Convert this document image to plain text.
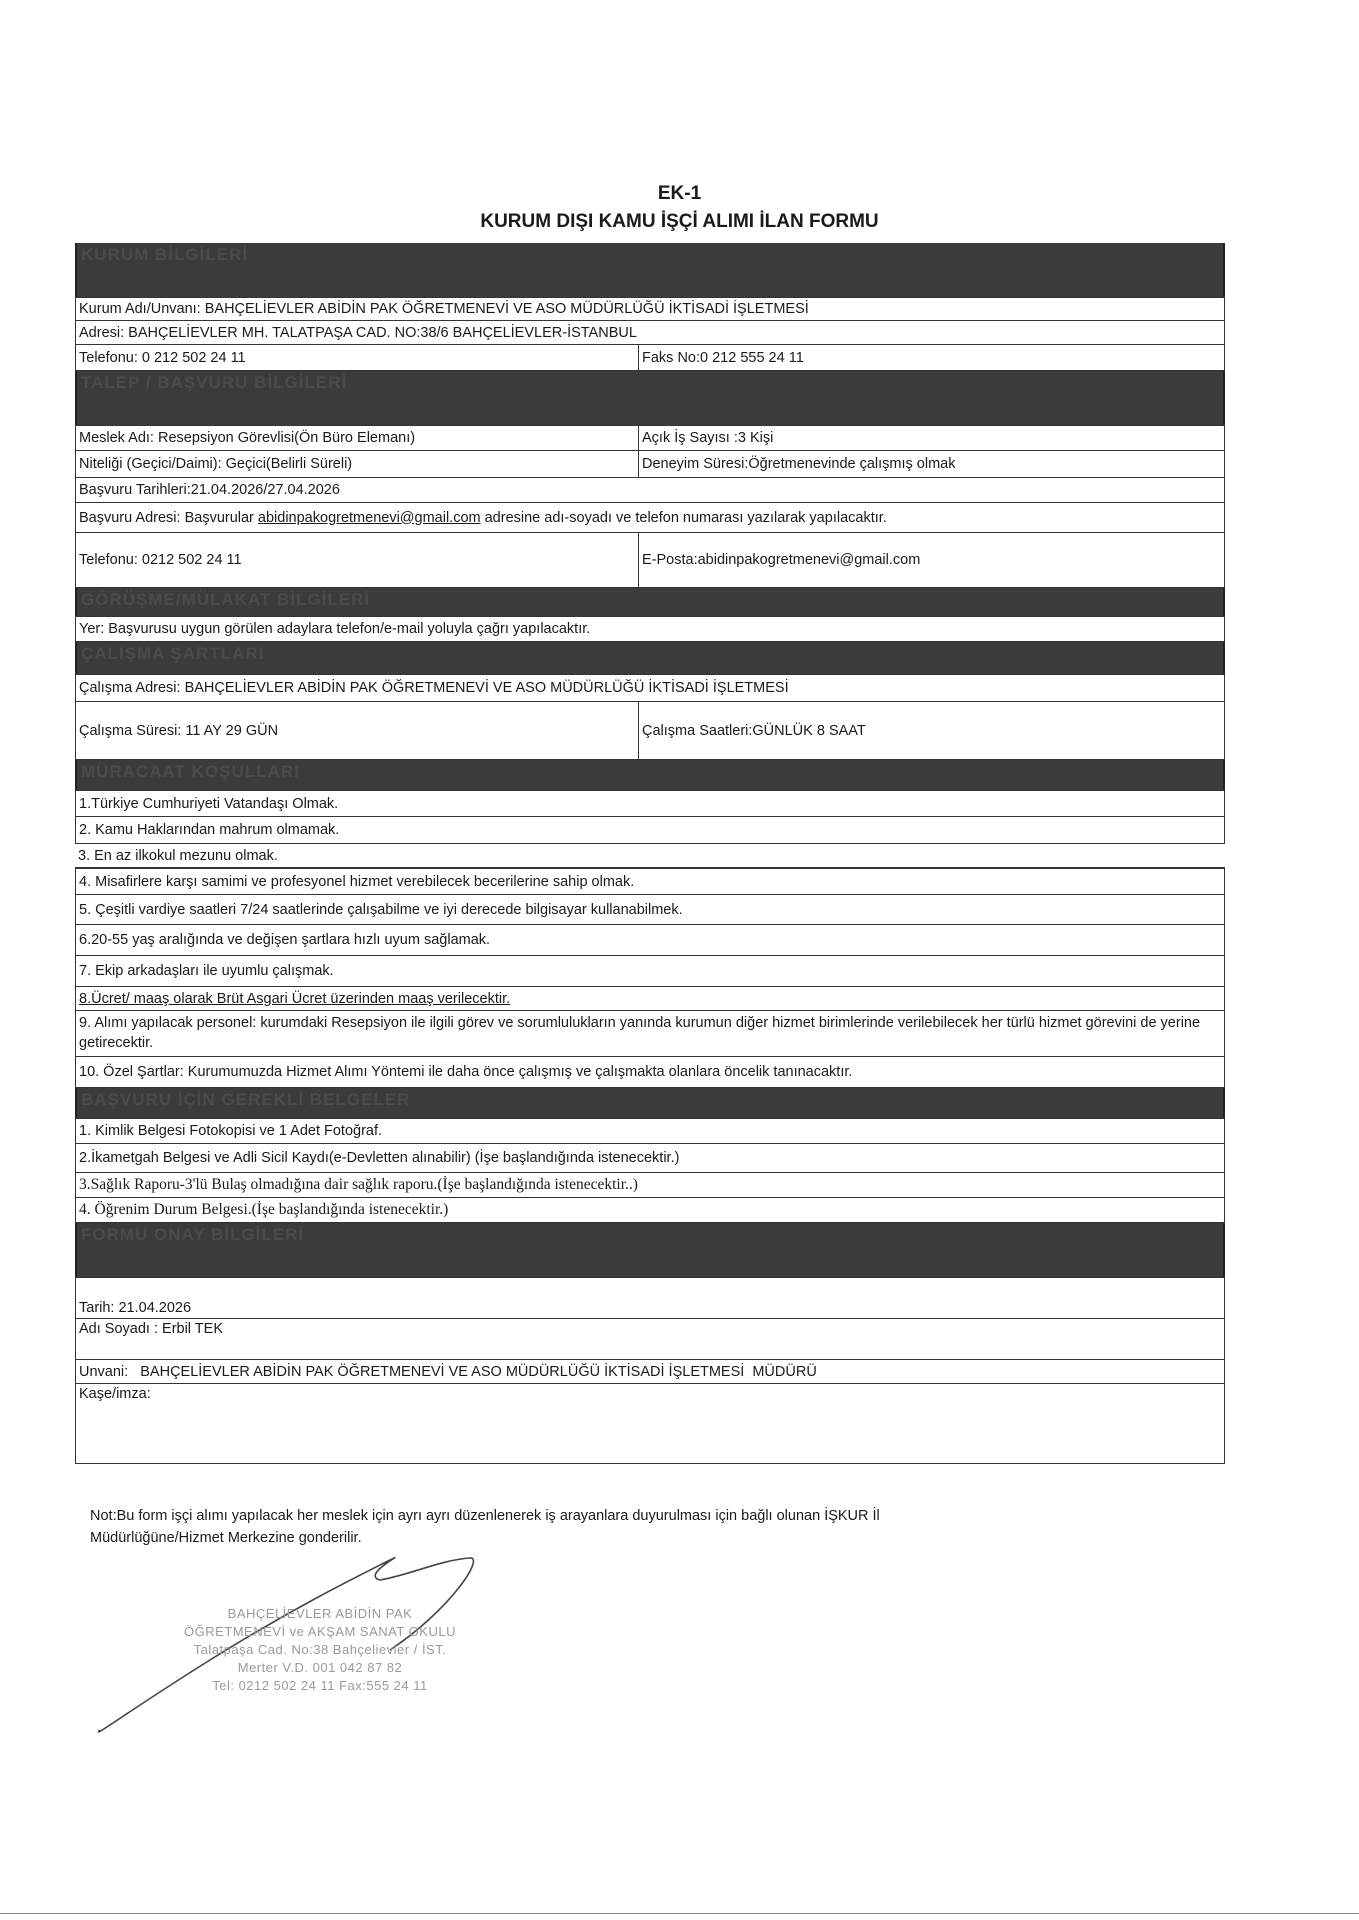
EK-1
KURUM DIŞI KAMU İŞÇİ ALIMI İLAN FORMU
KURUM BİLGİLERİ
Kurum Adı/Unvanı: BAHÇELİEVLER ABİDİN PAK ÖĞRETMENEVİ VE ASO MÜDÜRLÜĞÜ İKTİSADİ İŞLETMESİ
Adresi: BAHÇELİEVLER MH. TALATPAŞA CAD. NO:38/6 BAHÇELİEVLER-İSTANBUL
Telefonu: 0 212 502 24 11	Faks No:0 212 555 24 11
TALEP / BAŞVURU BİLGİLERİ
Meslek Adı: Resepsiyon Görevlisi(Ön Büro Elemanı)	Açık İş Sayısı :3 Kişi
Niteliği (Geçici/Daimi): Geçici(Belirli Süreli)	Deneyim Süresi:Öğretmenevinde çalışmış olmak
Başvuru Tarihleri:21.04.2026/27.04.2026
Başvuru Adresi: Başvurular abidinpakogretmenevi@gmail.com adresine adı-soyadı ve telefon numarası yazılarak yapılacaktır.
Telefonu: 0212 502 24 11	E-Posta:abidinpakogretmenevi@gmail.com
GÖRÜŞME/MÜLAKAT BİLGİLERİ
Yer: Başvurusu uygun görülen adaylara telefon/e-mail yoluyla çağrı yapılacaktır.
ÇALIŞMA ŞARTLARI
Çalışma Adresi: BAHÇELİEVLER ABİDİN PAK ÖĞRETMENEVİ VE ASO MÜDÜRLÜĞÜ İKTİSADİ İŞLETMESİ
Çalışma Süresi: 11 AY 29 GÜN	Çalışma Saatleri:GÜNLÜK 8 SAAT
MÜRACAAT KOŞULLARI
1.Türkiye Cumhuriyeti Vatandaşı Olmak.
2. Kamu Haklarından mahrum olmamak.
3. En az ilkokul mezunu olmak.
4. Misafirlere karşı samimi ve profesyonel hizmet verebilecek becerilerine sahip olmak.
5. Çeşitli vardiye saatleri 7/24 saatlerinde çalışabilme ve iyi derecede bilgisayar kullanabilmek.
6.20-55 yaş aralığında ve değişen şartlara hızlı uyum sağlamak.
7. Ekip arkadaşları ile uyumlu çalışmak.
8.Ücret/ maaş olarak Brüt Asgari Ücret üzerinden maaş verilecektir.
9. Alımı yapılacak personel: kurumdaki Resepsiyon ile ilgili görev ve sorumlulukların yanında kurumun diğer hizmet birimlerinde verilebilecek her türlü hizmet görevini de yerine getirecektir.
10. Özel Şartlar: Kurumumuzda Hizmet Alımı Yöntemi ile daha önce çalışmış ve çalışmakta olanlara öncelik tanınacaktır.
BAŞVURU İÇİN GEREKLİ BELGELER
1. Kimlik Belgesi Fotokopisi ve 1 Adet Fotoğraf.
2.İkametgah Belgesi ve Adli Sicil Kaydı(e-Devletten alınabilir) (İşe başlandığında istenecektir.)
3.Sağlık Raporu-3'lü Bulaş olmadığına dair sağlık raporu.(İşe başlandığında istenecektir..)
4. Öğrenim Durum Belgesi.(İşe başlandığında istenecektir.)
FORMU ONAY BİLGİLERİ
Tarih: 21.04.2026
Adı Soyadı : Erbil TEK
Unvani:   BAHÇELİEVLER ABİDİN PAK ÖĞRETMENEVİ VE ASO MÜDÜRLÜĞÜ İKTİSADİ İŞLETMESİ  MÜDÜRÜ
Kaşe/imza:
Not:Bu form işçi alımı yapılacak her meslek için ayrı ayrı düzenlenerek iş arayanlara duyurulması için bağlı olunan İŞKUR İl Müdürlüğüne/Hizmet Merkezine gonderilir.
BAHÇELİEVLER ABİDİN PAK
ÖĞRETMENEVİ ve AKŞAM SANAT OKULU
Talatpaşa Cad. No:38 Bahçelievler / İST.
Merter V.D. 001 042 87 82
Tel: 0212 502 24 11 Fax:555 24 11
